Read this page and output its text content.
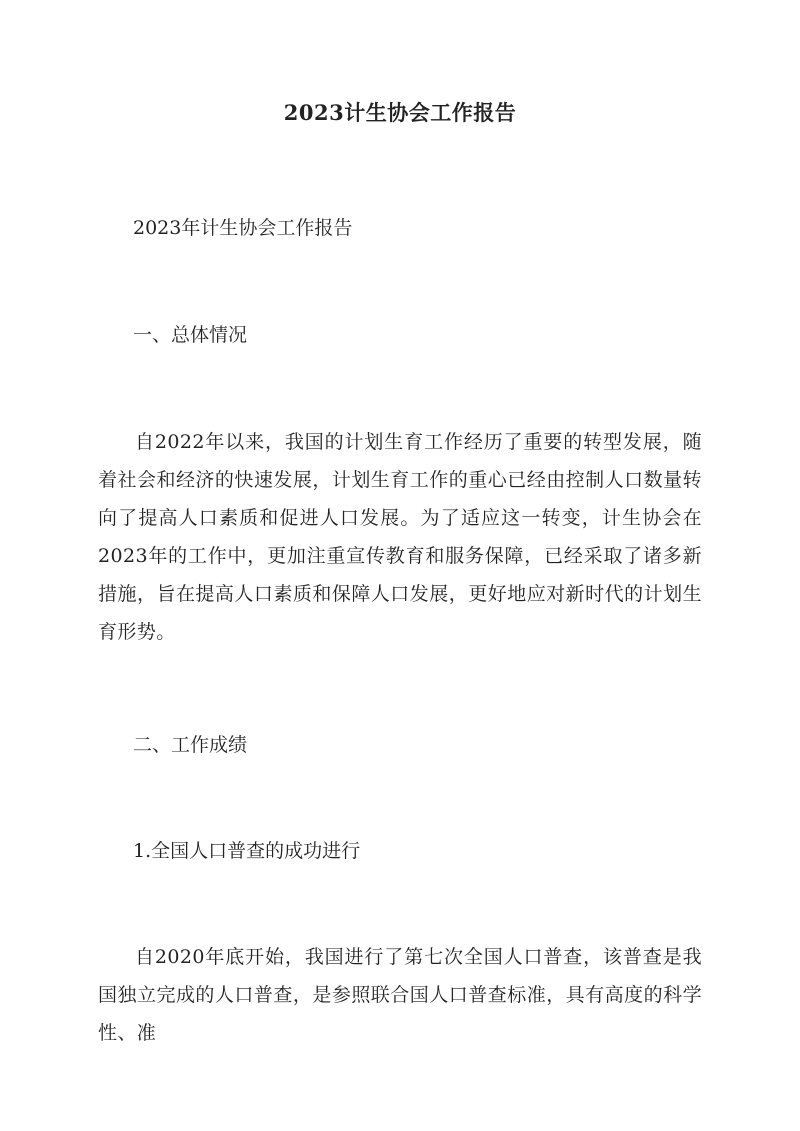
2023计生协会工作报告
2023年计生协会工作报告
一、总体情况
自2022年以来，我国的计划生育工作经历了重要的转型发展，随着社会和经济的快速发展，计划生育工作的重心已经由控制人口数量转向了提高人口素质和促进人口发展。为了适应这一转变，计生协会在2023年的工作中，更加注重宣传教育和服务保障，已经采取了诸多新措施，旨在提高人口素质和保障人口发展，更好地应对新时代的计划生育形势。
二、工作成绩
1.全国人口普查的成功进行
自2020年底开始，我国进行了第七次全国人口普查，该普查是我国独立完成的人口普查，是参照联合国人口普查标准，具有高度的科学性、准
